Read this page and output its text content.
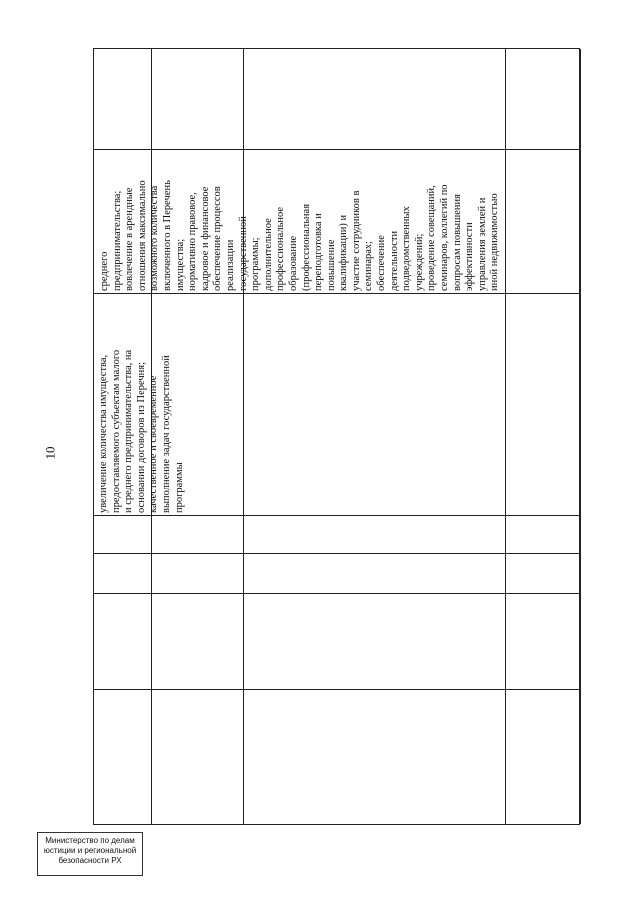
10	увеличение количества имущества, предоставляемого субъектам малого и среднего предпринимательства, на основании договоров из Перечня; качественное и своевременное выполнение задач государственной программы
среднего предпринимательства; вовлечение в арендные отношения максимально возможного количества включенного в Перечень имущества; нормативно правовое, кадровое и финансовое обеспечение процессов реализации государственной программы; дополнительное профессиональное образование (профессиональная переподготовка и повышение квалификации) и участие сотрудников в семинарах; обеспечение деятельности подведомственных учреждений; проведение совещаний, семинаров, коллегий по вопросам повышения эффективности управления землей и иной недвижимостью
Министерство по делам
юстиции и региональной
безопасности РХ
